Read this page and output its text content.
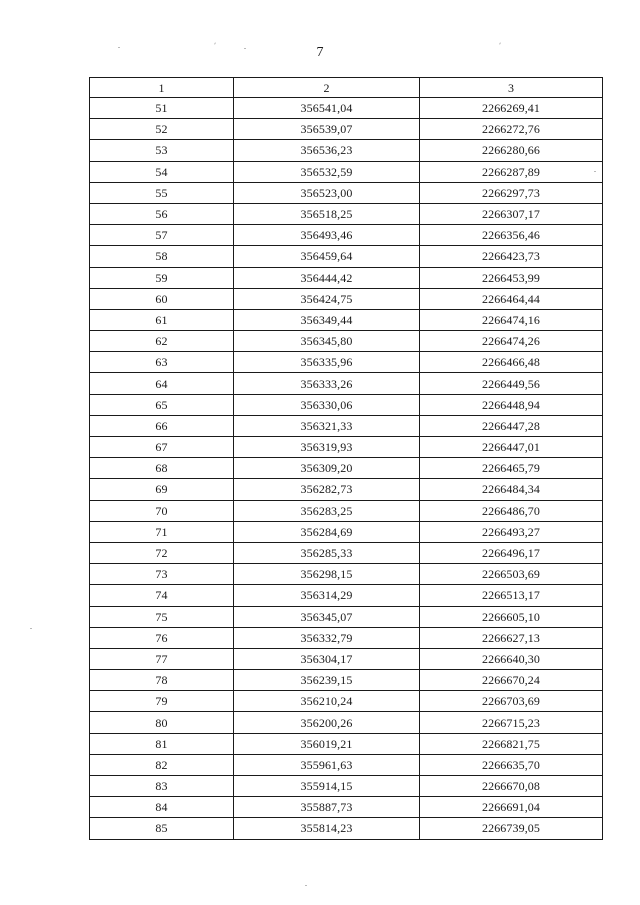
7
1	2	3
51	356541,04	2266269,41
52	356539,07	2266272,76
53	356536,23	2266280,66
54	356532,59	2266287,89
55	356523,00	2266297,73
56	356518,25	2266307,17
57	356493,46	2266356,46
58	356459,64	2266423,73
59	356444,42	2266453,99
60	356424,75	2266464,44
61	356349,44	2266474,16
62	356345,80	2266474,26
63	356335,96	2266466,48
64	356333,26	2266449,56
65	356330,06	2266448,94
66	356321,33	2266447,28
67	356319,93	2266447,01
68	356309,20	2266465,79
69	356282,73	2266484,34
70	356283,25	2266486,70
71	356284,69	2266493,27
72	356285,33	2266496,17
73	356298,15	2266503,69
74	356314,29	2266513,17
75	356345,07	2266605,10
76	356332,79	2266627,13
77	356304,17	2266640,30
78	356239,15	2266670,24
79	356210,24	2266703,69
80	356200,26	2266715,23
81	356019,21	2266821,75
82	355961,63	2266635,70
83	355914,15	2266670,08
84	355887,73	2266691,04
85	355814,23	2266739,05
